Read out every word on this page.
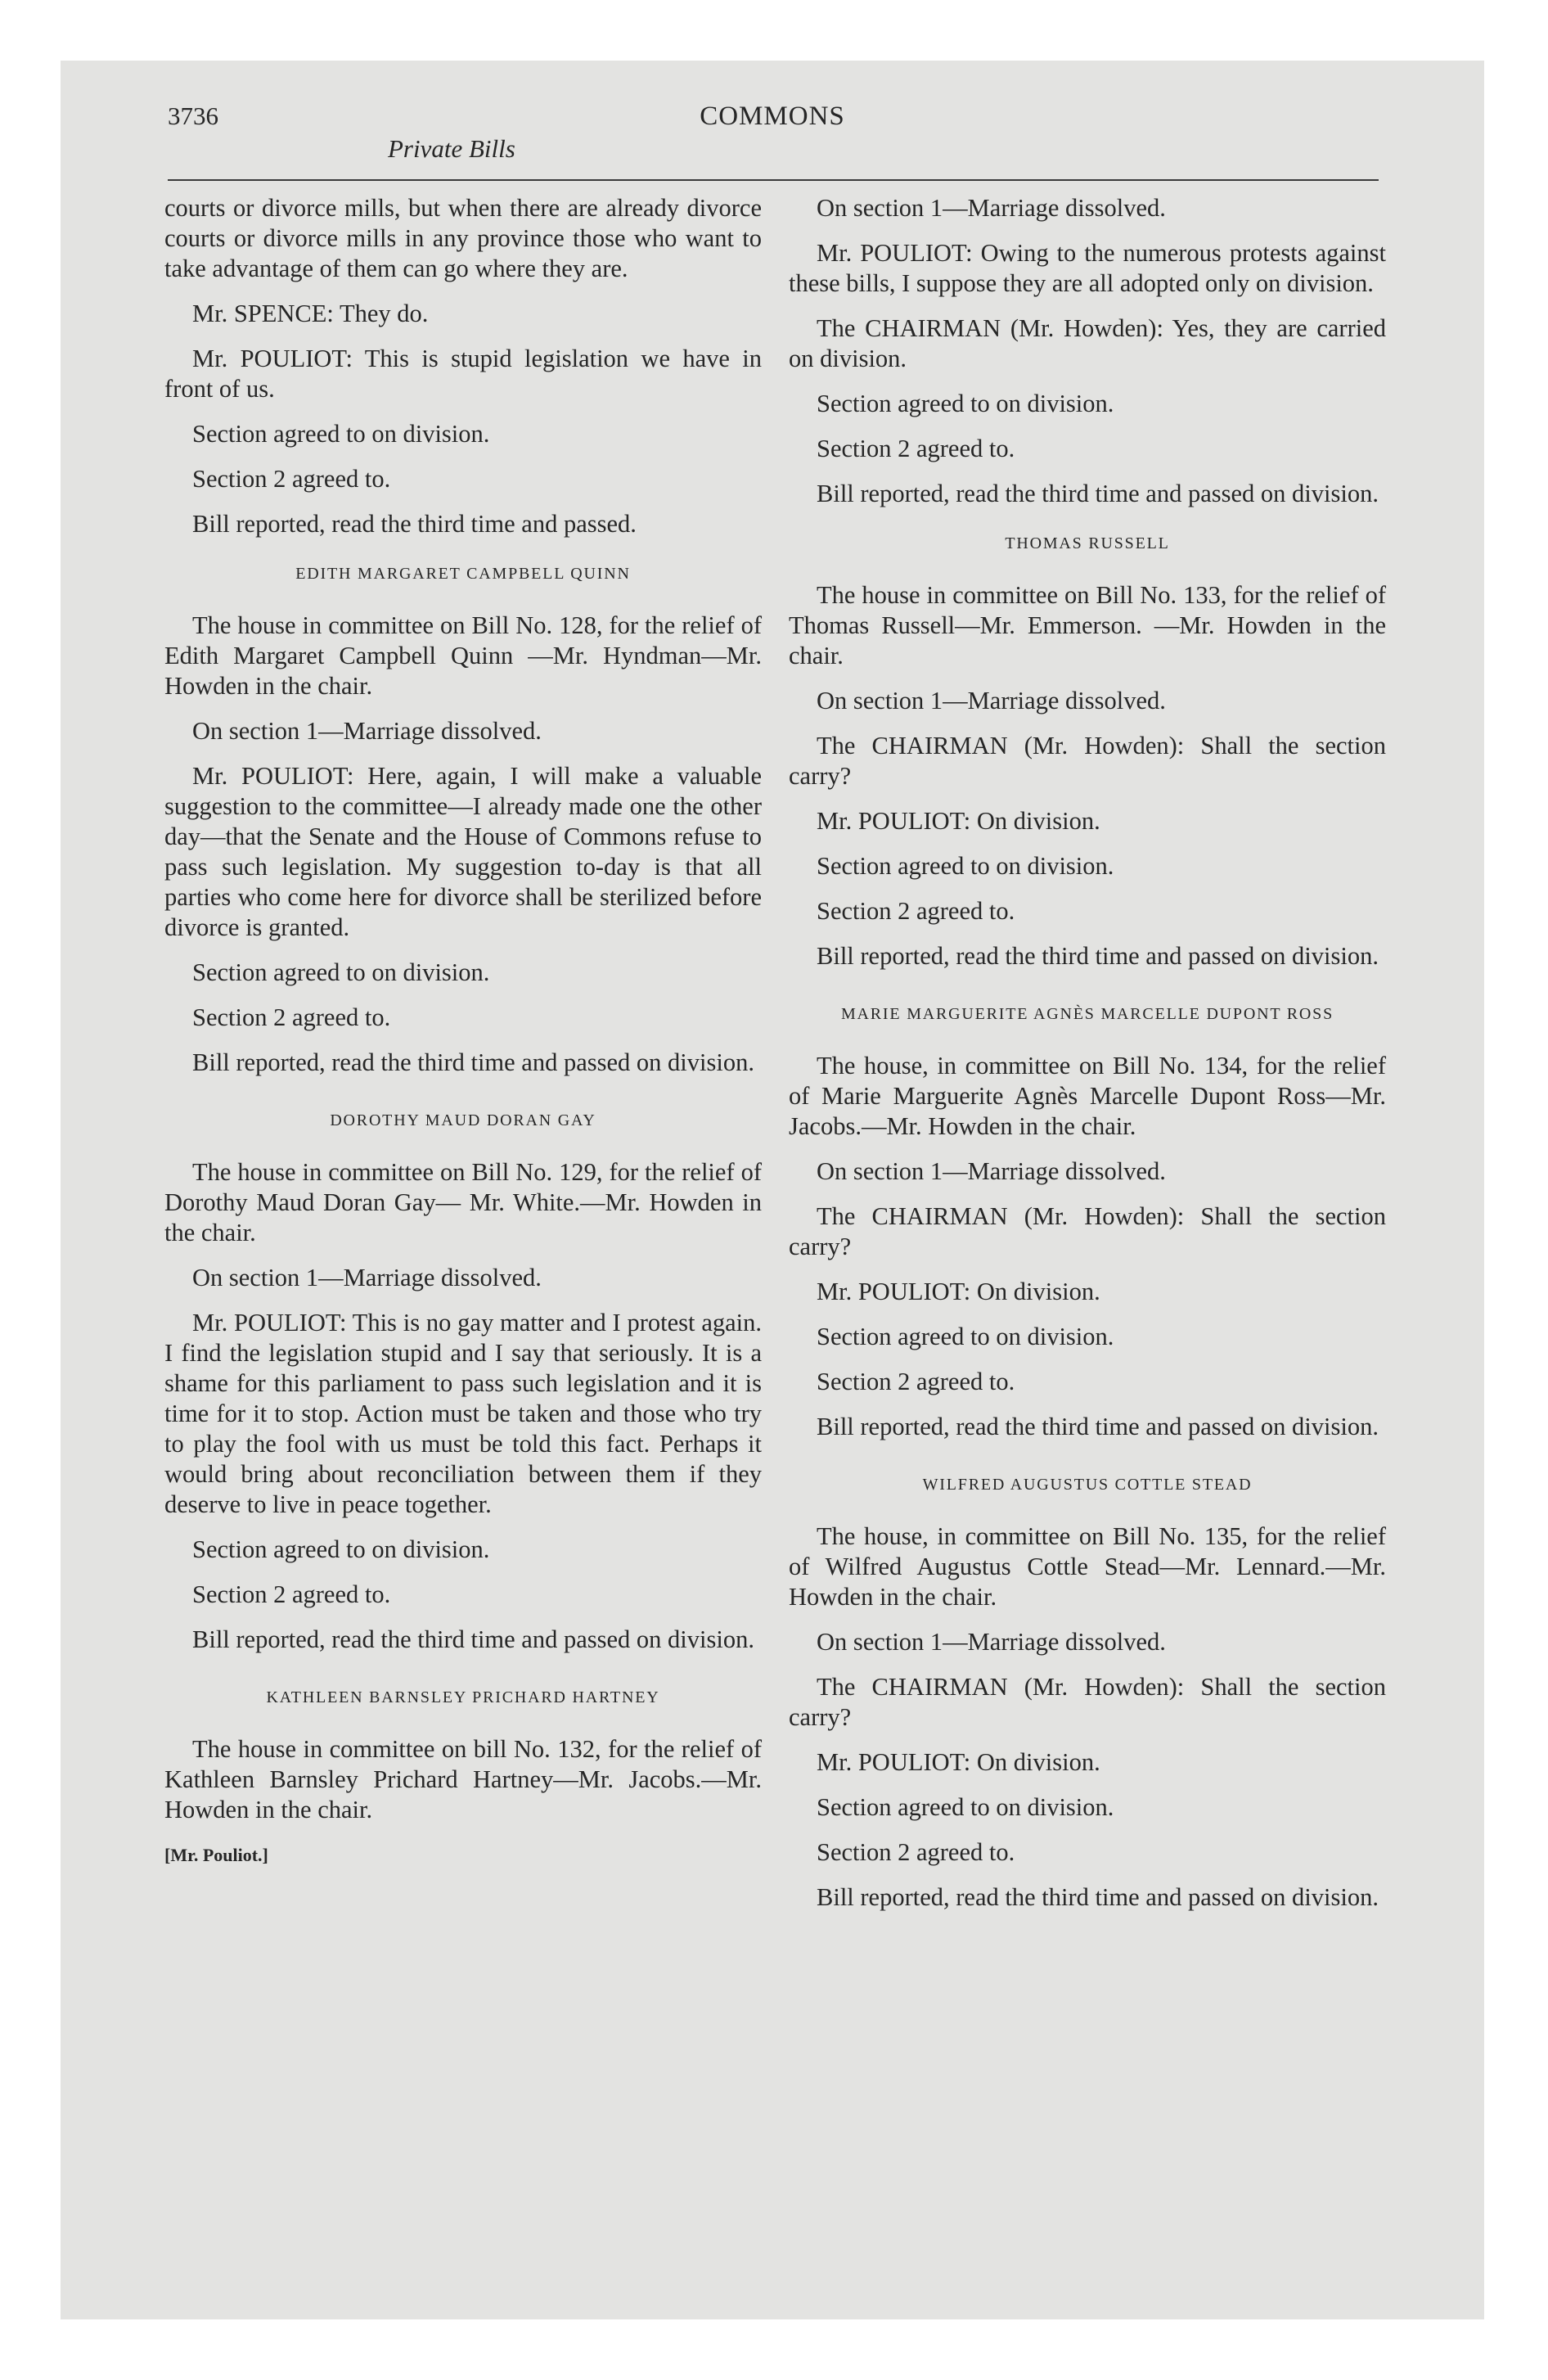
3736
Private Bills
COMMONS

courts or divorce mills, but when there are already divorce courts or divorce mills in any province those who want to take advantage of them can go where they are.

Mr. SPENCE: They do.

Mr. POULIOT: This is stupid legislation we have in front of us.

Section agreed to on division.

Section 2 agreed to.

Bill reported, read the third time and passed.

EDITH MARGARET CAMPBELL QUINN

The house in committee on Bill No. 128, for the relief of Edith Margaret Campbell Quinn —Mr. Hyndman—Mr. Howden in the chair.

On section 1—Marriage dissolved.

Mr. POULIOT: Here, again, I will make a valuable suggestion to the committee—I already made one the other day—that the Senate and the House of Commons refuse to pass such legislation. My suggestion to-day is that all parties who come here for divorce shall be sterilized before divorce is granted.

Section agreed to on division.

Section 2 agreed to.

Bill reported, read the third time and passed on division.

DOROTHY MAUD DORAN GAY

The house in committee on Bill No. 129, for the relief of Dorothy Maud Doran Gay— Mr. White.—Mr. Howden in the chair.

On section 1—Marriage dissolved.

Mr. POULIOT: This is no gay matter and I protest again. I find the legislation stupid and I say that seriously. It is a shame for this parliament to pass such legislation and it is time for it to stop. Action must be taken and those who try to play the fool with us must be told this fact. Perhaps it would bring about reconciliation between them if they deserve to live in peace together.

Section agreed to on division.

Section 2 agreed to.

Bill reported, read the third time and passed on division.

KATHLEEN BARNSLEY PRICHARD HARTNEY

The house in committee on bill No. 132, for the relief of Kathleen Barnsley Prichard Hartney—Mr. Jacobs.—Mr. Howden in the chair.

[Mr. Pouliot.]

On section 1—Marriage dissolved.

Mr. POULIOT: Owing to the numerous protests against these bills, I suppose they are all adopted only on division.

The CHAIRMAN (Mr. Howden): Yes, they are carried on division.

Section agreed to on division.

Section 2 agreed to.

Bill reported, read the third time and passed on division.

THOMAS RUSSELL

The house in committee on Bill No. 133, for the relief of Thomas Russell—Mr. Emmerson. —Mr. Howden in the chair.

On section 1—Marriage dissolved.

The CHAIRMAN (Mr. Howden): Shall the section carry?

Mr. POULIOT: On division.

Section agreed to on division.

Section 2 agreed to.

Bill reported, read the third time and passed on division.

MARIE MARGUERITE AGNÈS MARCELLE DUPONT ROSS

The house, in committee on Bill No. 134, for the relief of Marie Marguerite Agnès Marcelle Dupont Ross—Mr. Jacobs.—Mr. Howden in the chair.

On section 1—Marriage dissolved.

The CHAIRMAN (Mr. Howden): Shall the section carry?

Mr. POULIOT: On division.

Section agreed to on division.

Section 2 agreed to.

Bill reported, read the third time and passed on division.

WILFRED AUGUSTUS COTTLE STEAD

The house, in committee on Bill No. 135, for the relief of Wilfred Augustus Cottle Stead—Mr. Lennard.—Mr. Howden in the chair.

On section 1—Marriage dissolved.

The CHAIRMAN (Mr. Howden): Shall the section carry?

Mr. POULIOT: On division.

Section agreed to on division.

Section 2 agreed to.

Bill reported, read the third time and passed on division.
